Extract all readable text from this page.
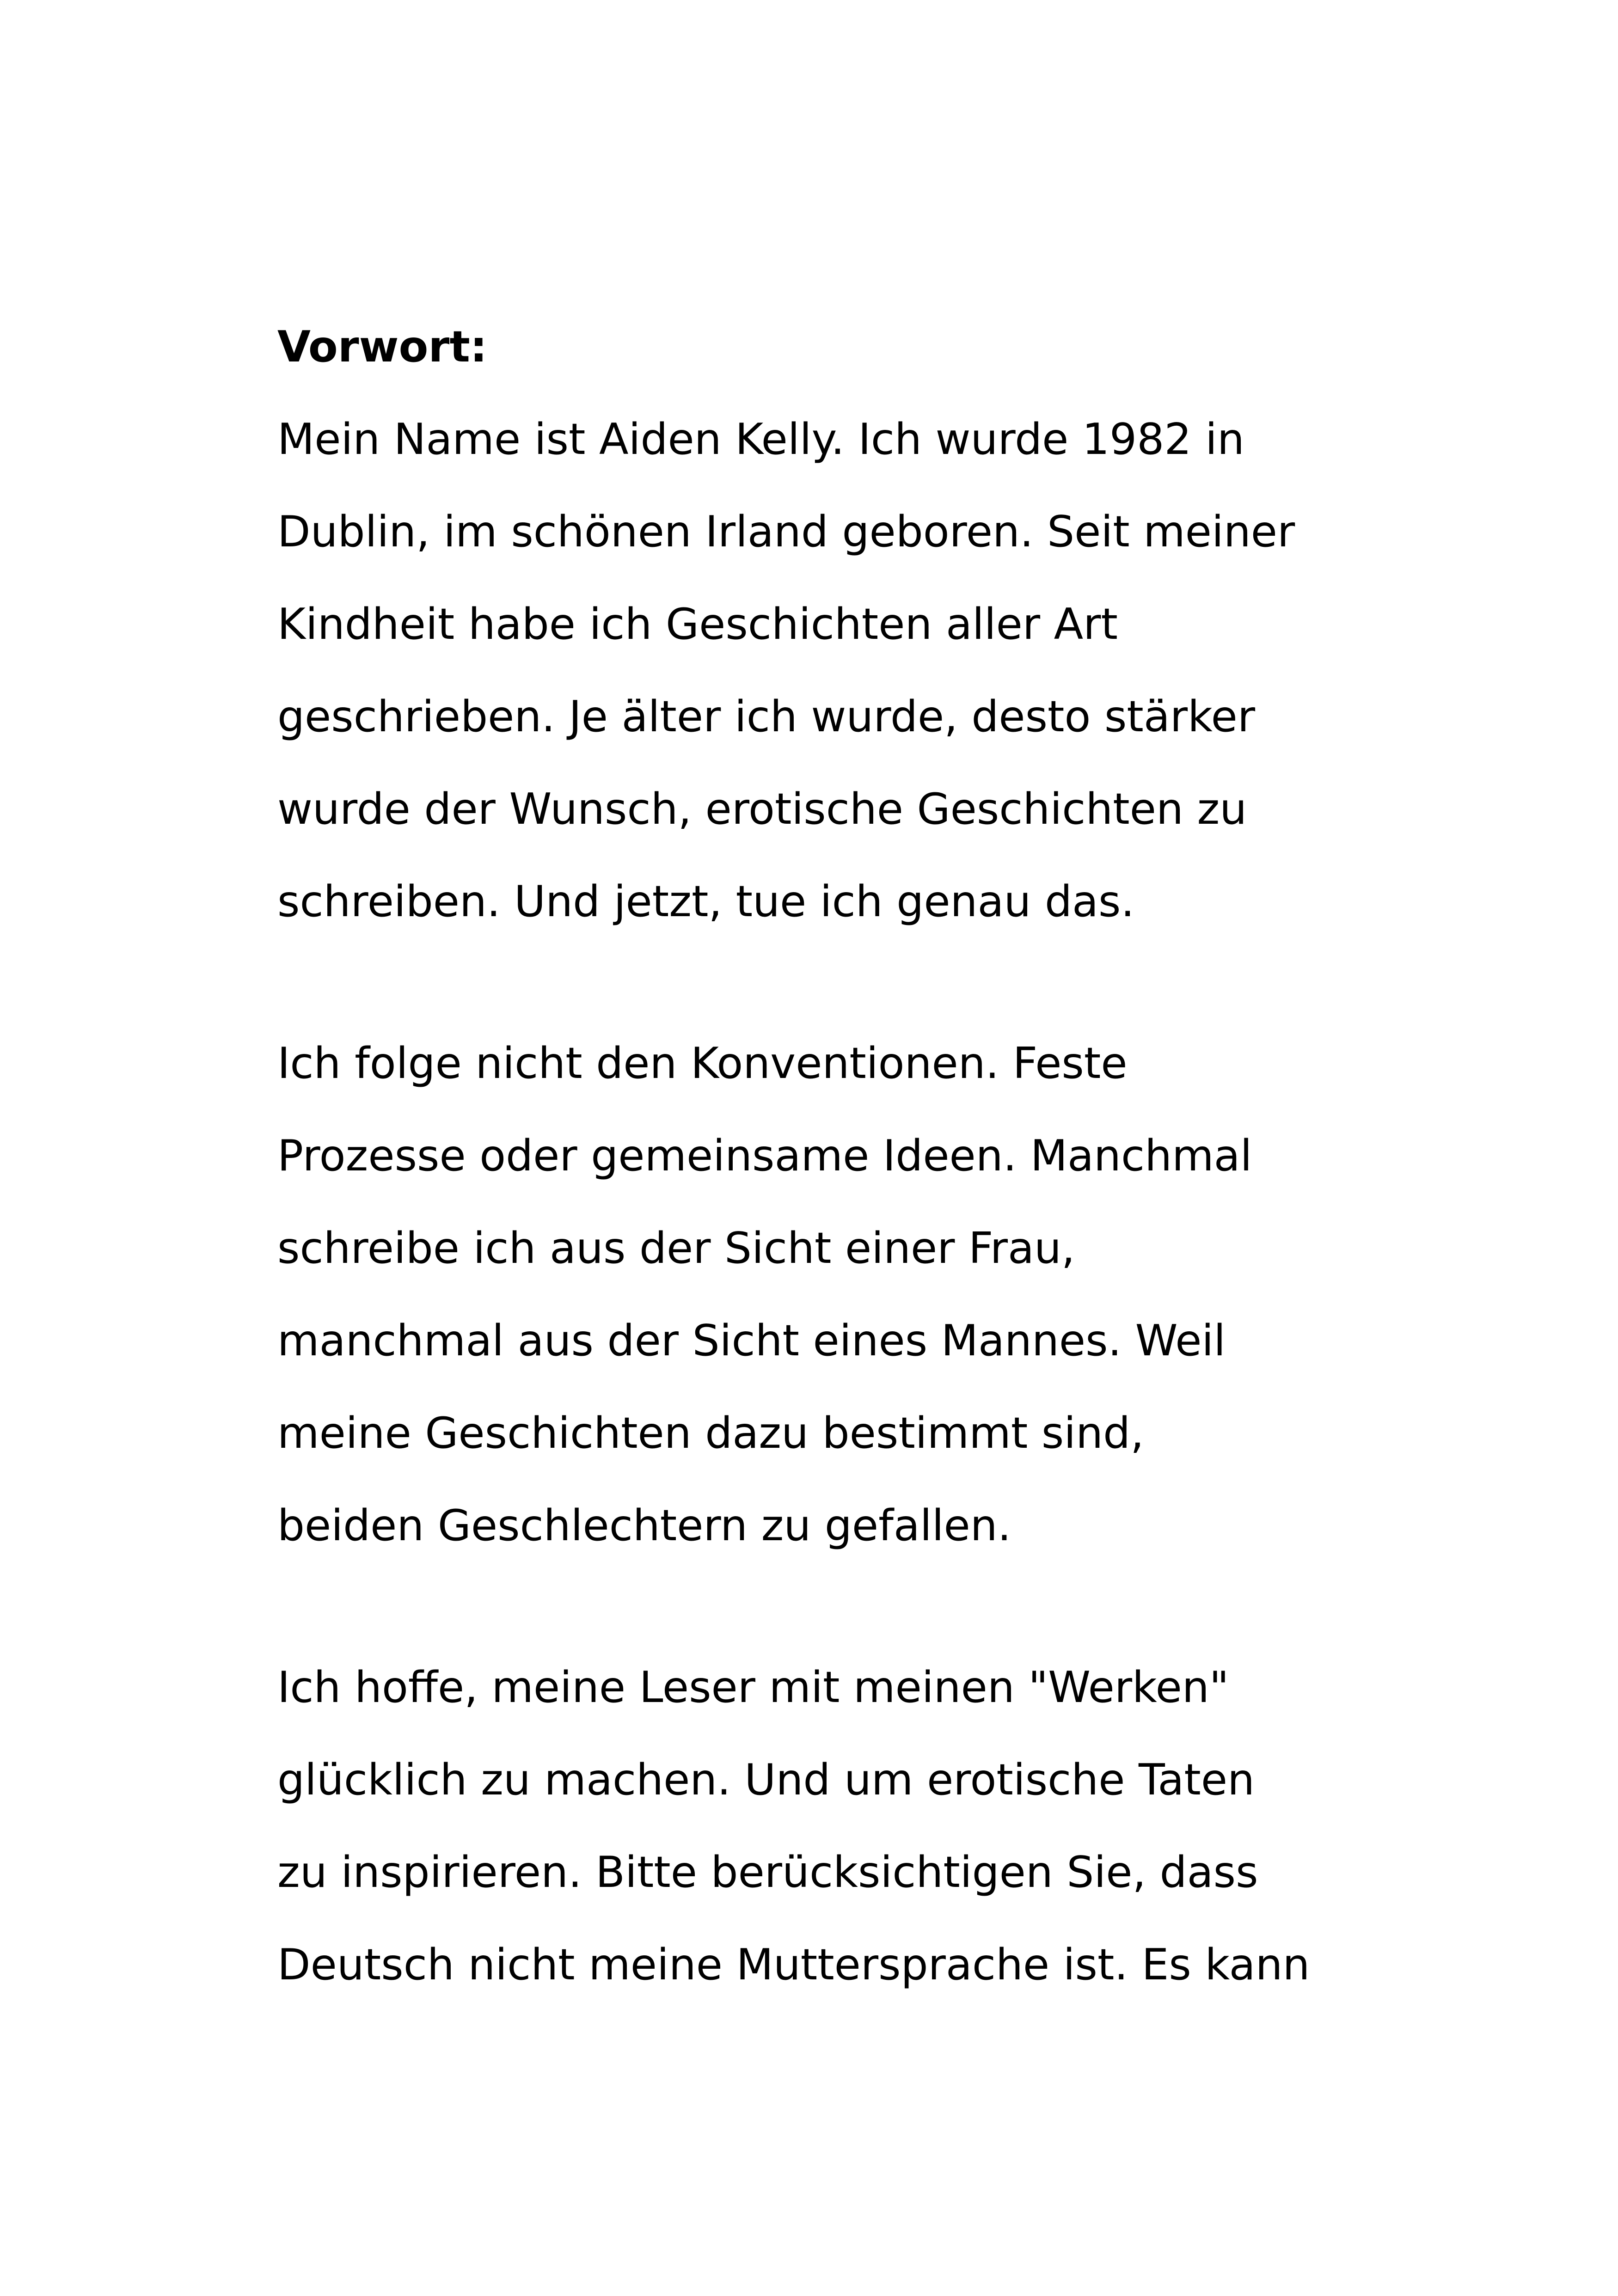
Vorwort:
Mein Name ist Aiden Kelly. Ich wurde 1982 in
Dublin, im schönen Irland geboren. Seit meiner
Kindheit habe ich Geschichten aller Art
geschrieben. Je älter ich wurde, desto stärker
wurde der Wunsch, erotische Geschichten zu
schreiben. Und jetzt, tue ich genau das.
Ich folge nicht den Konventionen. Feste
Prozesse oder gemeinsame Ideen. Manchmal
schreibe ich aus der Sicht einer Frau,
manchmal aus der Sicht eines Mannes. Weil
meine Geschichten dazu bestimmt sind,
beiden Geschlechtern zu gefallen.
Ich hoffe, meine Leser mit meinen "Werken"
glücklich zu machen. Und um erotische Taten
zu inspirieren. Bitte berücksichtigen Sie, dass
Deutsch nicht meine Muttersprache ist. Es kann
